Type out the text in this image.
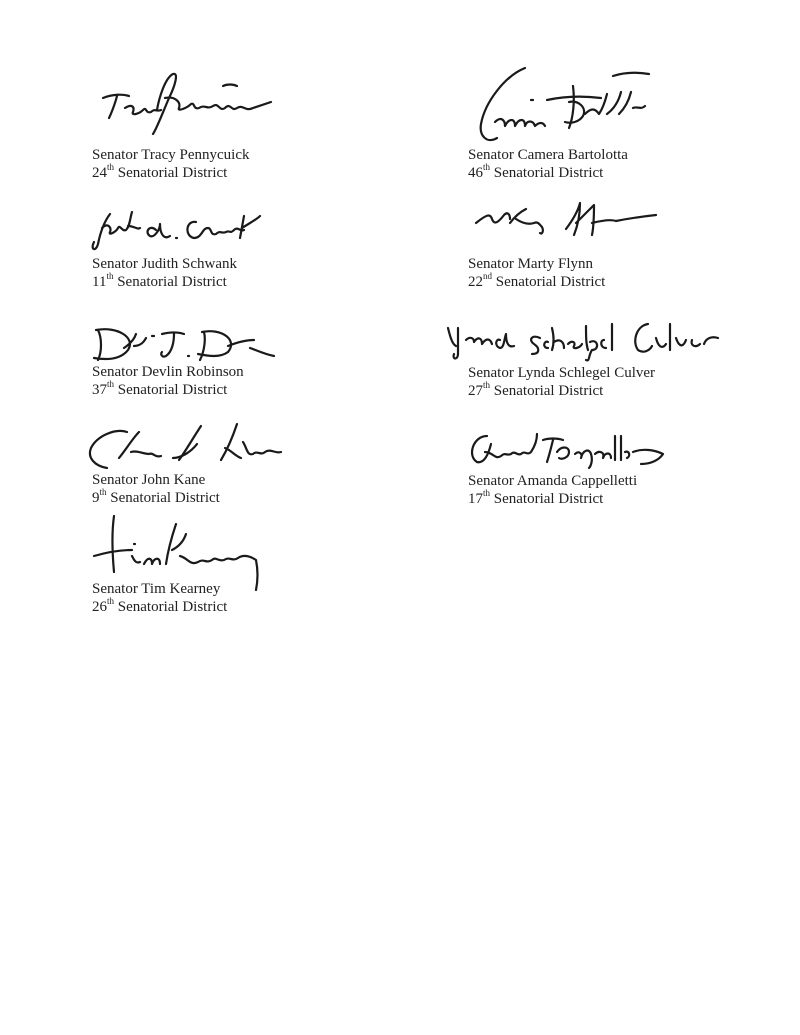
Senator Tracy Pennycuick
24th Senatorial District
Senator Judith Schwank
11th Senatorial District
Senator Devlin Robinson
37th Senatorial District
Senator John Kane
9th Senatorial District
Senator Tim Kearney
26th Senatorial District
Senator Camera Bartolotta
46th Senatorial District
Senator Marty Flynn
22nd Senatorial District
Senator Lynda Schlegel Culver
27th Senatorial District
Senator Amanda Cappelletti
17th Senatorial District
